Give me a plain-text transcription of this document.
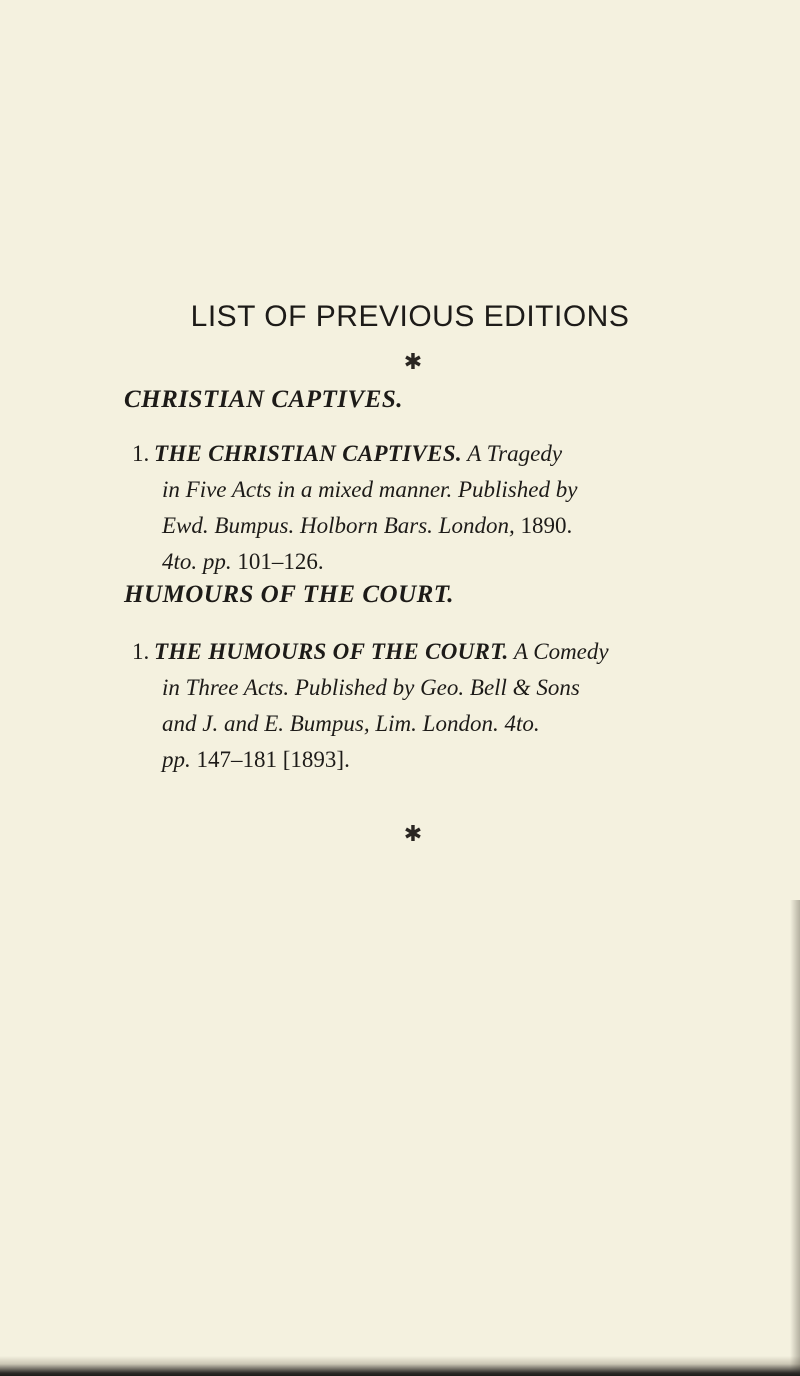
LIST OF PREVIOUS EDITIONS
✱
CHRISTIAN CAPTIVES.
1. THE CHRISTIAN CAPTIVES. A Tragedy
in Five Acts in a mixed manner. Published by
Ewd. Bumpus. Holborn Bars. London, 1890.
4to. pp. 101–126.
HUMOURS OF THE COURT.
1. THE HUMOURS OF THE COURT. A Comedy
in Three Acts. Published by Geo. Bell & Sons
and J. and E. Bumpus, Lim. London. 4to.
pp. 147–181 [1893].
✱
